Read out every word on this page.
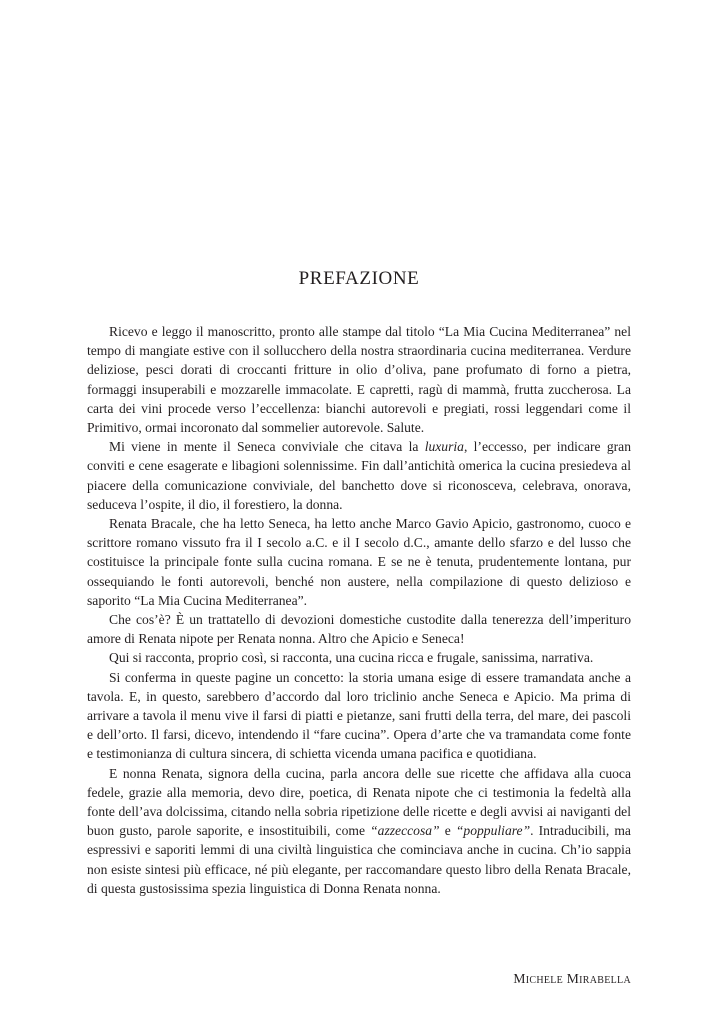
PREFAZIONE

Ricevo e leggo il manoscritto, pronto alle stampe dal titolo “La Mia Cucina Mediterranea” nel tempo di mangiate estive con il sollucchero della nostra straordinaria cucina mediterranea. Verdure deliziose, pesci dorati di croccanti fritture in olio d’oliva, pane profumato di forno a pietra, formaggi insuperabili e mozzarelle immacolate. E capretti, ragù di mammà, frutta zuccherosa. La carta dei vini procede verso l’eccellenza: bianchi autorevoli e pregiati, rossi leggendari come il Primitivo, ormai incoronato dal sommelier autorevole. Salute.

Mi viene in mente il Seneca conviviale che citava la luxuria, l’eccesso, per indicare gran conviti e cene esagerate e libagioni solennissime. Fin dall’antichità omerica la cucina presiedeva al piacere della comunicazione conviviale, del banchetto dove si riconosceva, celebrava, onorava, seduceva l’ospite, il dio, il forestiero, la donna.

Renata Bracale, che ha letto Seneca, ha letto anche Marco Gavio Apicio, gastronomo, cuoco e scrittore romano vissuto fra il I secolo a.C. e il I secolo d.C., amante dello sfarzo e del lusso che costituisce la principale fonte sulla cucina romana. E se ne è tenuta, prudentemente lontana, pur ossequiando le fonti autorevoli, benché non austere, nella compilazione di questo delizioso e saporito “La Mia Cucina Mediterranea”.

Che cos’è? È un trattatello di devozioni domestiche custodite dalla tenerezza dell’imperituro amore di Renata nipote per Renata nonna. Altro che Apicio e Seneca!

Qui si racconta, proprio così, si racconta, una cucina ricca e frugale, sanissima, narrativa.

Si conferma in queste pagine un concetto: la storia umana esige di essere tramandata anche a tavola. E, in questo, sarebbero d’accordo dal loro triclinio anche Seneca e Apicio. Ma prima di arrivare a tavola il menu vive il farsi di piatti e pietanze, sani frutti della terra, del mare, dei pascoli e dell’orto. Il farsi, dicevo, intendendo il “fare cucina”. Opera d’arte che va tramandata come fonte e testimonianza di cultura sincera, di schietta vicenda umana pacifica e quotidiana.

E nonna Renata, signora della cucina, parla ancora delle sue ricette che affidava alla cuoca fedele, grazie alla memoria, devo dire, poetica, di Renata nipote che ci testimonia la fedeltà alla fonte dell’ava dolcissima, citando nella sobria ripetizione delle ricette e degli avvisi ai naviganti del buon gusto, parole saporite, e insostituibili, come “azzeccosa” e “poppuliare”. Intraducibili, ma espressivi e saporiti lemmi di una civiltà linguistica che cominciava anche in cucina. Ch’io sappia non esiste sintesi più efficace, né più elegante, per raccomandare questo libro della Renata Bracale, di questa gustosissima spezia linguistica di Donna Renata nonna.

Michele Mirabella
